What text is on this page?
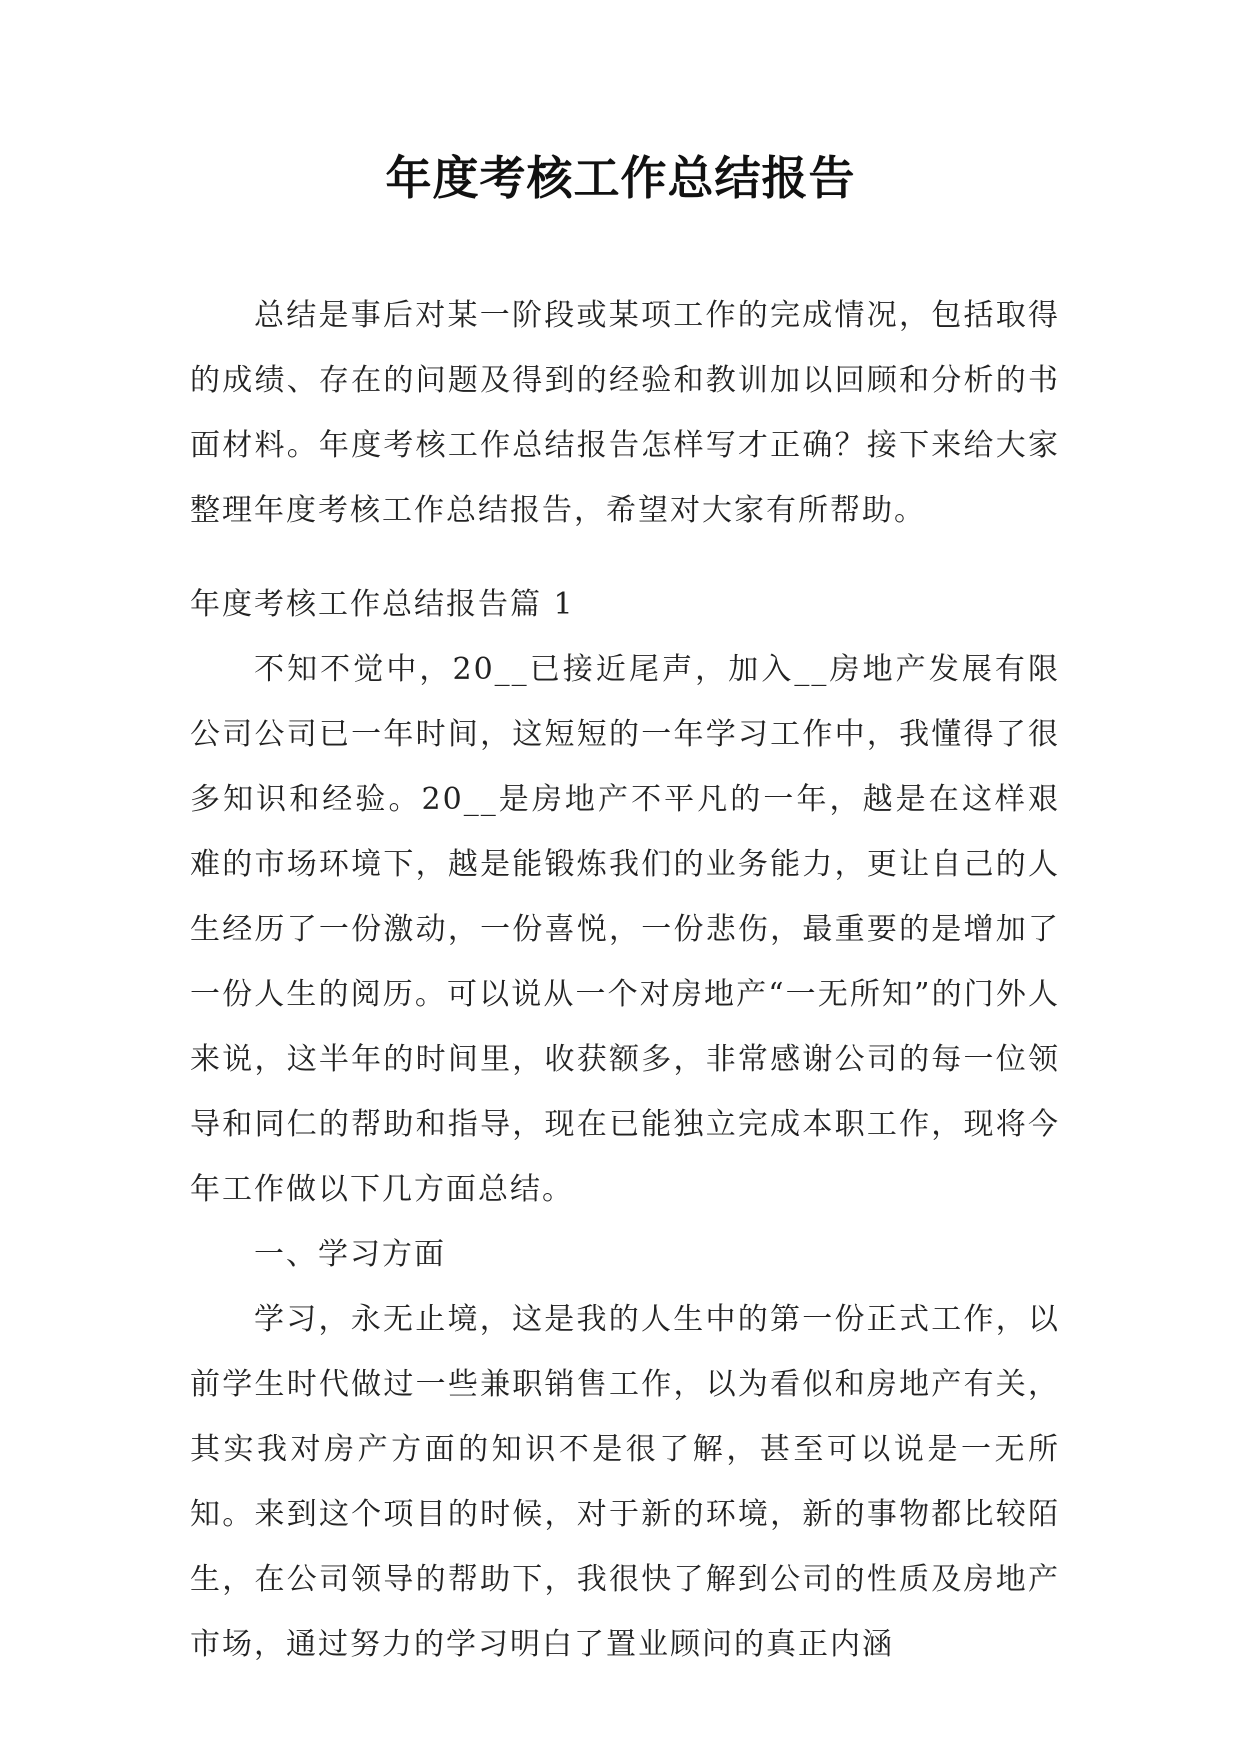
年度考核工作总结报告

总结是事后对某一阶段或某项工作的完成情况，包括取得的成绩、存在的问题及得到的经验和教训加以回顾和分析的书面材料。年度考核工作总结报告怎样写才正确？接下来给大家整理年度考核工作总结报告，希望对大家有所帮助。

年度考核工作总结报告篇 1

不知不觉中，20__已接近尾声，加入__房地产发展有限公司公司已一年时间，这短短的一年学习工作中，我懂得了很多知识和经验。20__是房地产不平凡的一年，越是在这样艰难的市场环境下，越是能锻炼我们的业务能力，更让自己的人生经历了一份激动，一份喜悦，一份悲伤，最重要的是增加了一份人生的阅历。可以说从一个对房地产“一无所知”的门外人来说，这半年的时间里，收获额多，非常感谢公司的每一位领导和同仁的帮助和指导，现在已能独立完成本职工作，现将今年工作做以下几方面总结。

一、学习方面

学习，永无止境，这是我的人生中的第一份正式工作，以前学生时代做过一些兼职销售工作，以为看似和房地产有关，其实我对房产方面的知识不是很了解，甚至可以说是一无所知。来到这个项目的时候，对于新的环境，新的事物都比较陌生，在公司领导的帮助下，我很快了解到公司的性质及房地产市场，通过努力的学习明白了置业顾问的真正内涵
